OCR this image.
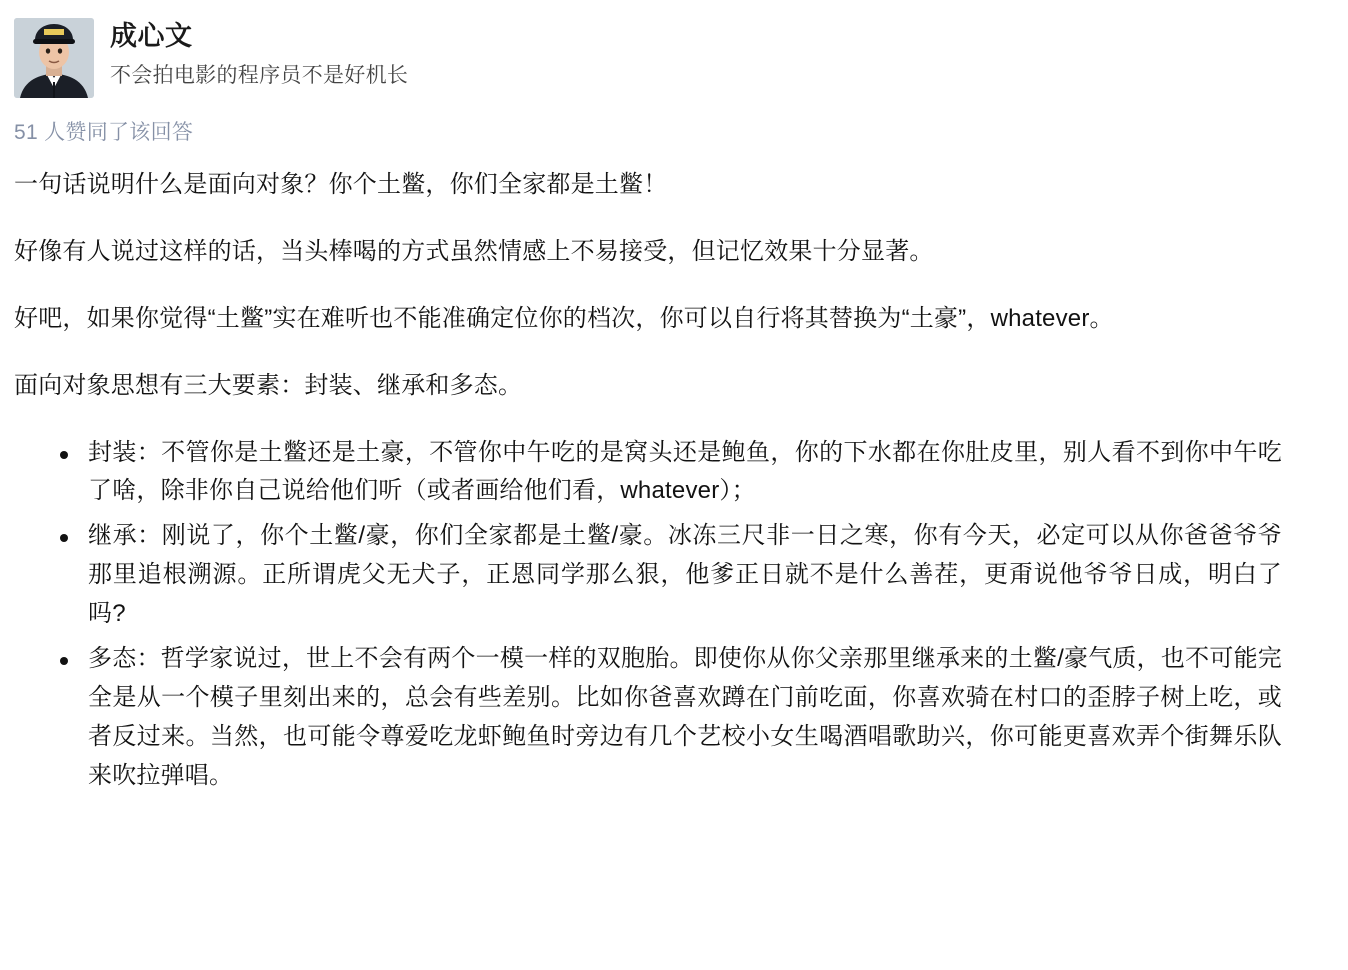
成心文
不会拍电影的程序员不是好机长
51 人赞同了该回答

一句话说明什么是面向对象？你个土鳖，你们全家都是土鳖！

好像有人说过这样的话，当头棒喝的方式虽然情感上不易接受，但记忆效果十分显著。

好吧，如果你觉得“土鳖”实在难听也不能准确定位你的档次，你可以自行将其替换为“土豪”，whatever。

面向对象思想有三大要素：封装、继承和多态。

封装：不管你是土鳖还是土豪，不管你中午吃的是窝头还是鲍鱼，你的下水都在你肚皮里，别人看不到你中午吃了啥，除非你自己说给他们听（或者画给他们看，whatever）；
继承：刚说了，你个土鳖/豪，你们全家都是土鳖/豪。冰冻三尺非一日之寒，你有今天，必定可以从你爸爸爷爷那里追根溯源。正所谓虎父无犬子，正恩同学那么狠，他爹正日就不是什么善茬，更甭说他爷爷日成，明白了吗?
多态：哲学家说过，世上不会有两个一模一样的双胞胎。即使你从你父亲那里继承来的土鳖/豪气质，也不可能完全是从一个模子里刻出来的，总会有些差别。比如你爸喜欢蹲在门前吃面，你喜欢骑在村口的歪脖子树上吃，或者反过来。当然，也可能令尊爱吃龙虾鲍鱼时旁边有几个艺校小女生喝酒唱歌助兴，你可能更喜欢弄个街舞乐队来吹拉弹唱。
